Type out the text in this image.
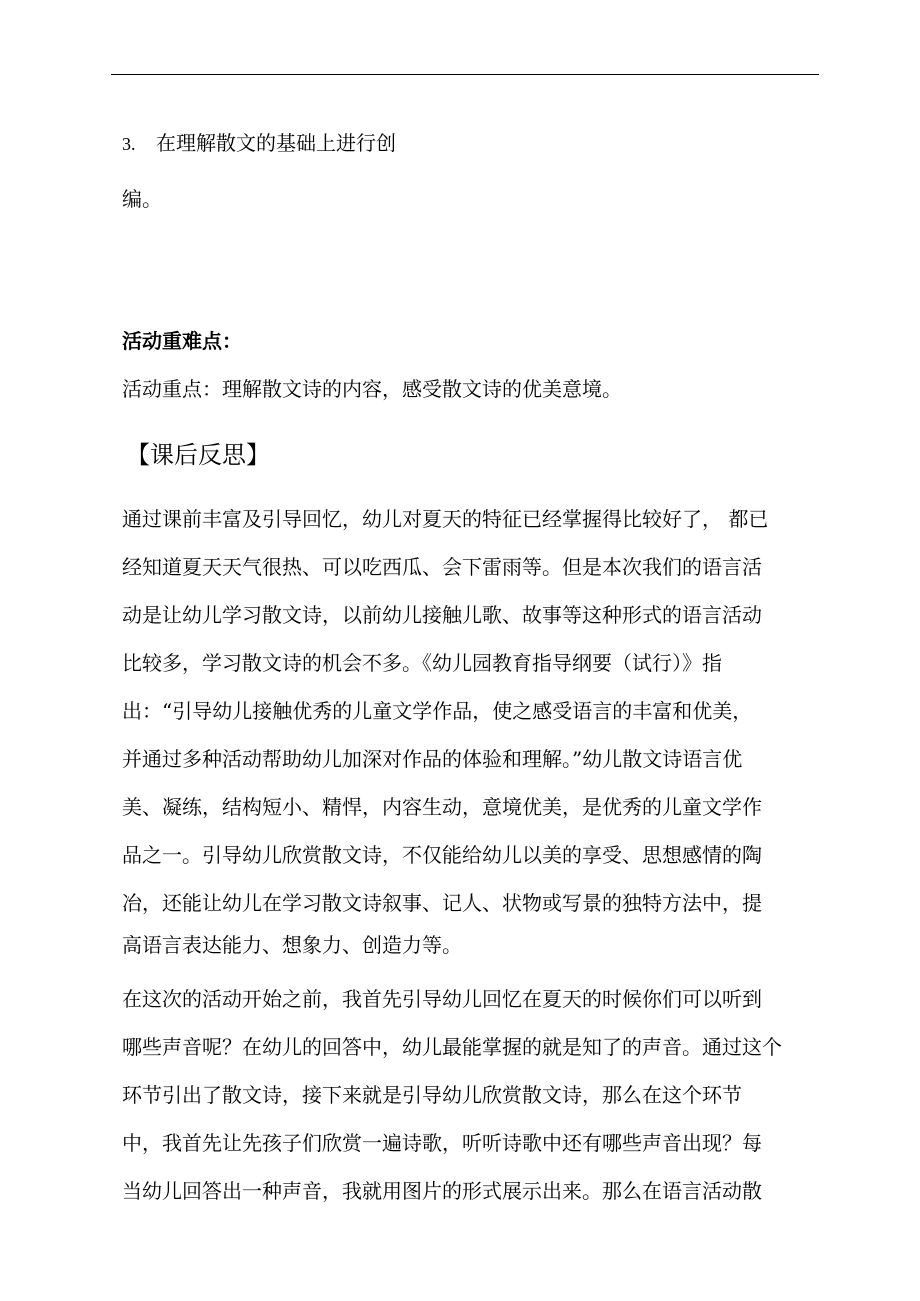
3. 在理解散文的基础上进行创
编。
活动重难点：
活动重点：理解散文诗的内容，感受散文诗的优美意境。
【课后反思】
通过课前丰富及引导回忆，幼儿对夏天的特征已经掌握得比较好了， 都已
经知道夏天天气很热、可以吃西瓜、会下雷雨等。但是本次我们的语言活
动是让幼儿学习散文诗，以前幼儿接触儿歌、故事等这种形式的语言活动
比较多，学习散文诗的机会不多。《幼儿园教育指导纲要（试行）》指
出：“引导幼儿接触优秀的儿童文学作品，使之感受语言的丰富和优美，
并通过多种活动帮助幼儿加深对作品的体验和理解。”幼儿散文诗语言优
美、凝练，结构短小、精悍，内容生动，意境优美，是优秀的儿童文学作
品之一。引导幼儿欣赏散文诗，不仅能给幼儿以美的享受、思想感情的陶
冶，还能让幼儿在学习散文诗叙事、记人、状物或写景的独特方法中，提
高语言表达能力、想象力、创造力等。
在这次的活动开始之前，我首先引导幼儿回忆在夏天的时候你们可以听到
哪些声音呢？在幼儿的回答中，幼儿最能掌握的就是知了的声音。通过这个
环节引出了散文诗，接下来就是引导幼儿欣赏散文诗，那么在这个环节
中，我首先让先孩子们欣赏一遍诗歌，听听诗歌中还有哪些声音出现？每
当幼儿回答出一种声音，我就用图片的形式展示出来。那么在语言活动散
